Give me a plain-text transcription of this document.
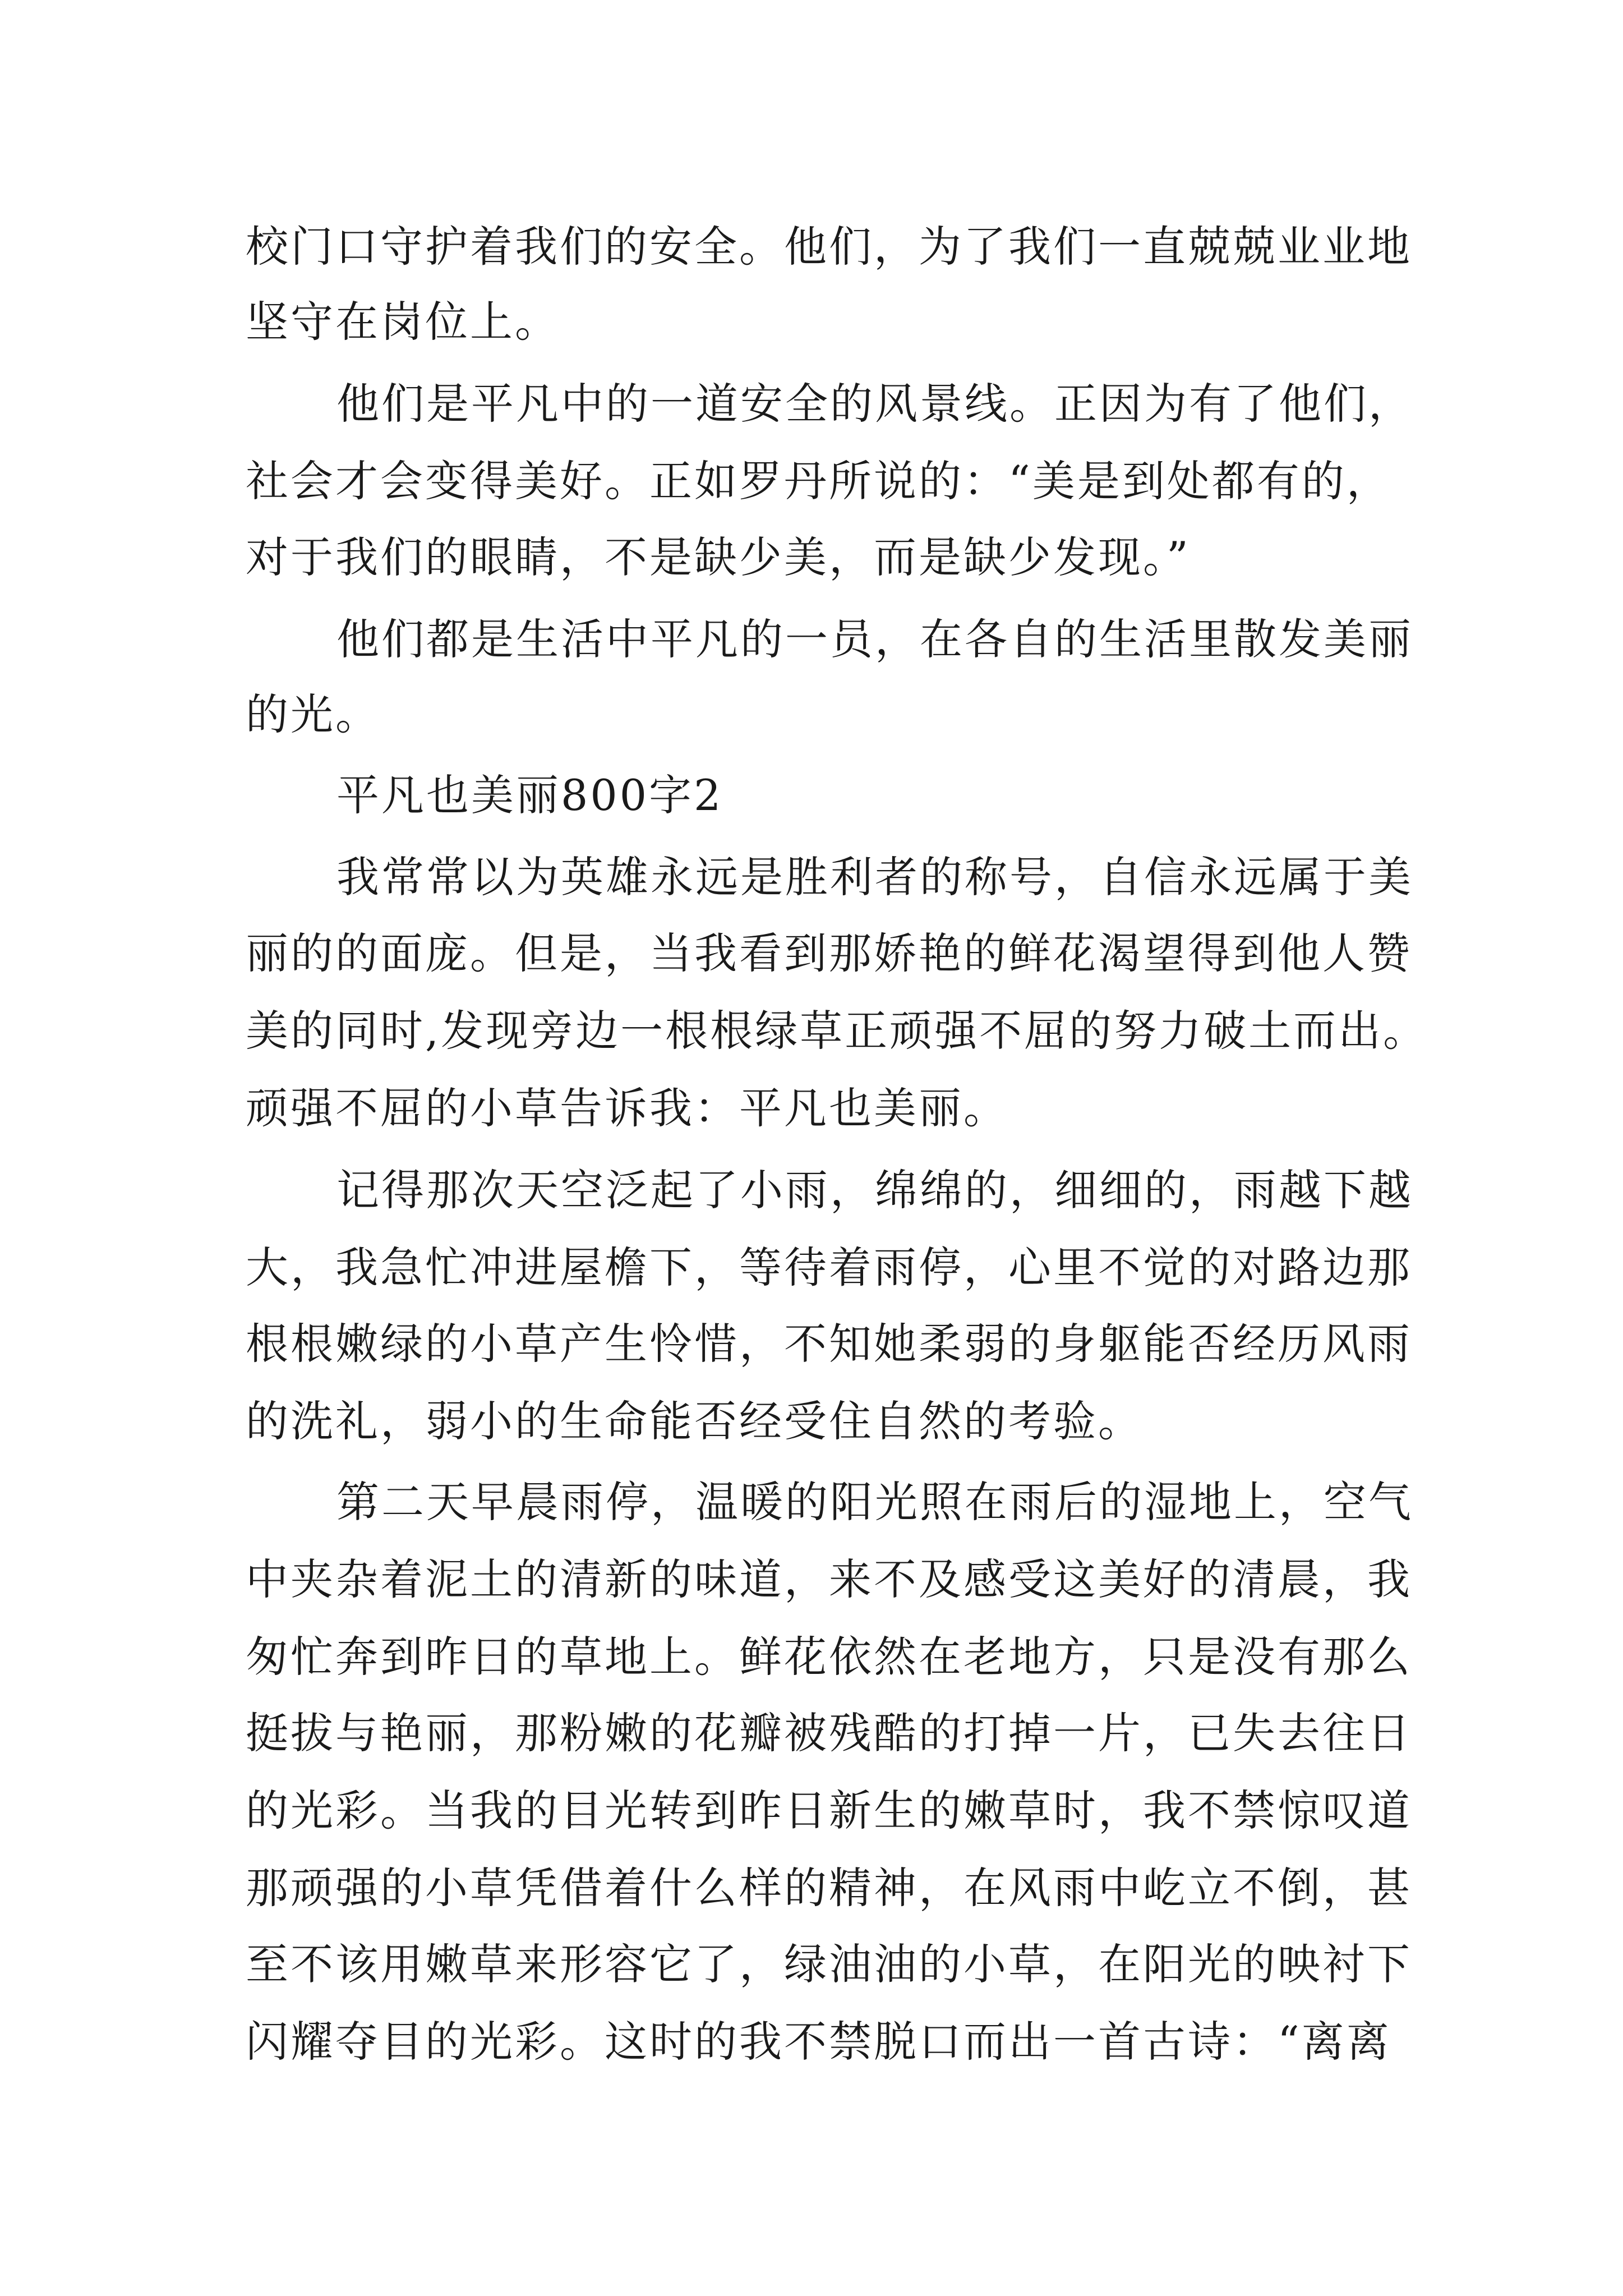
校门口守护着我们的安全。他们，为了我们一直兢兢业业地
坚守在岗位上。
他们是平凡中的一道安全的风景线。正因为有了他们，
社会才会变得美好。正如罗丹所说的：“美是到处都有的，
对于我们的眼睛，不是缺少美，而是缺少发现。”
他们都是生活中平凡的一员，在各自的生活里散发美丽
的光。
平凡也美丽800字2
我常常以为英雄永远是胜利者的称号，自信永远属于美
丽的的面庞。但是，当我看到那娇艳的鲜花渴望得到他人赞
美的同时,发现旁边一根根绿草正顽强不屈的努力破土而出。
顽强不屈的小草告诉我：平凡也美丽。
记得那次天空泛起了小雨，绵绵的，细细的，雨越下越
大，我急忙冲进屋檐下，等待着雨停，心里不觉的对路边那
根根嫩绿的小草产生怜惜，不知她柔弱的身躯能否经历风雨
的洗礼，弱小的生命能否经受住自然的考验。
第二天早晨雨停，温暖的阳光照在雨后的湿地上，空气
中夹杂着泥土的清新的味道，来不及感受这美好的清晨，我
匆忙奔到昨日的草地上。鲜花依然在老地方，只是没有那么
挺拔与艳丽，那粉嫩的花瓣被残酷的打掉一片，已失去往日
的光彩。当我的目光转到昨日新生的嫩草时，我不禁惊叹道
那顽强的小草凭借着什么样的精神，在风雨中屹立不倒，甚
至不该用嫩草来形容它了，绿油油的小草，在阳光的映衬下
闪耀夺目的光彩。这时的我不禁脱口而出一首古诗：“离离
